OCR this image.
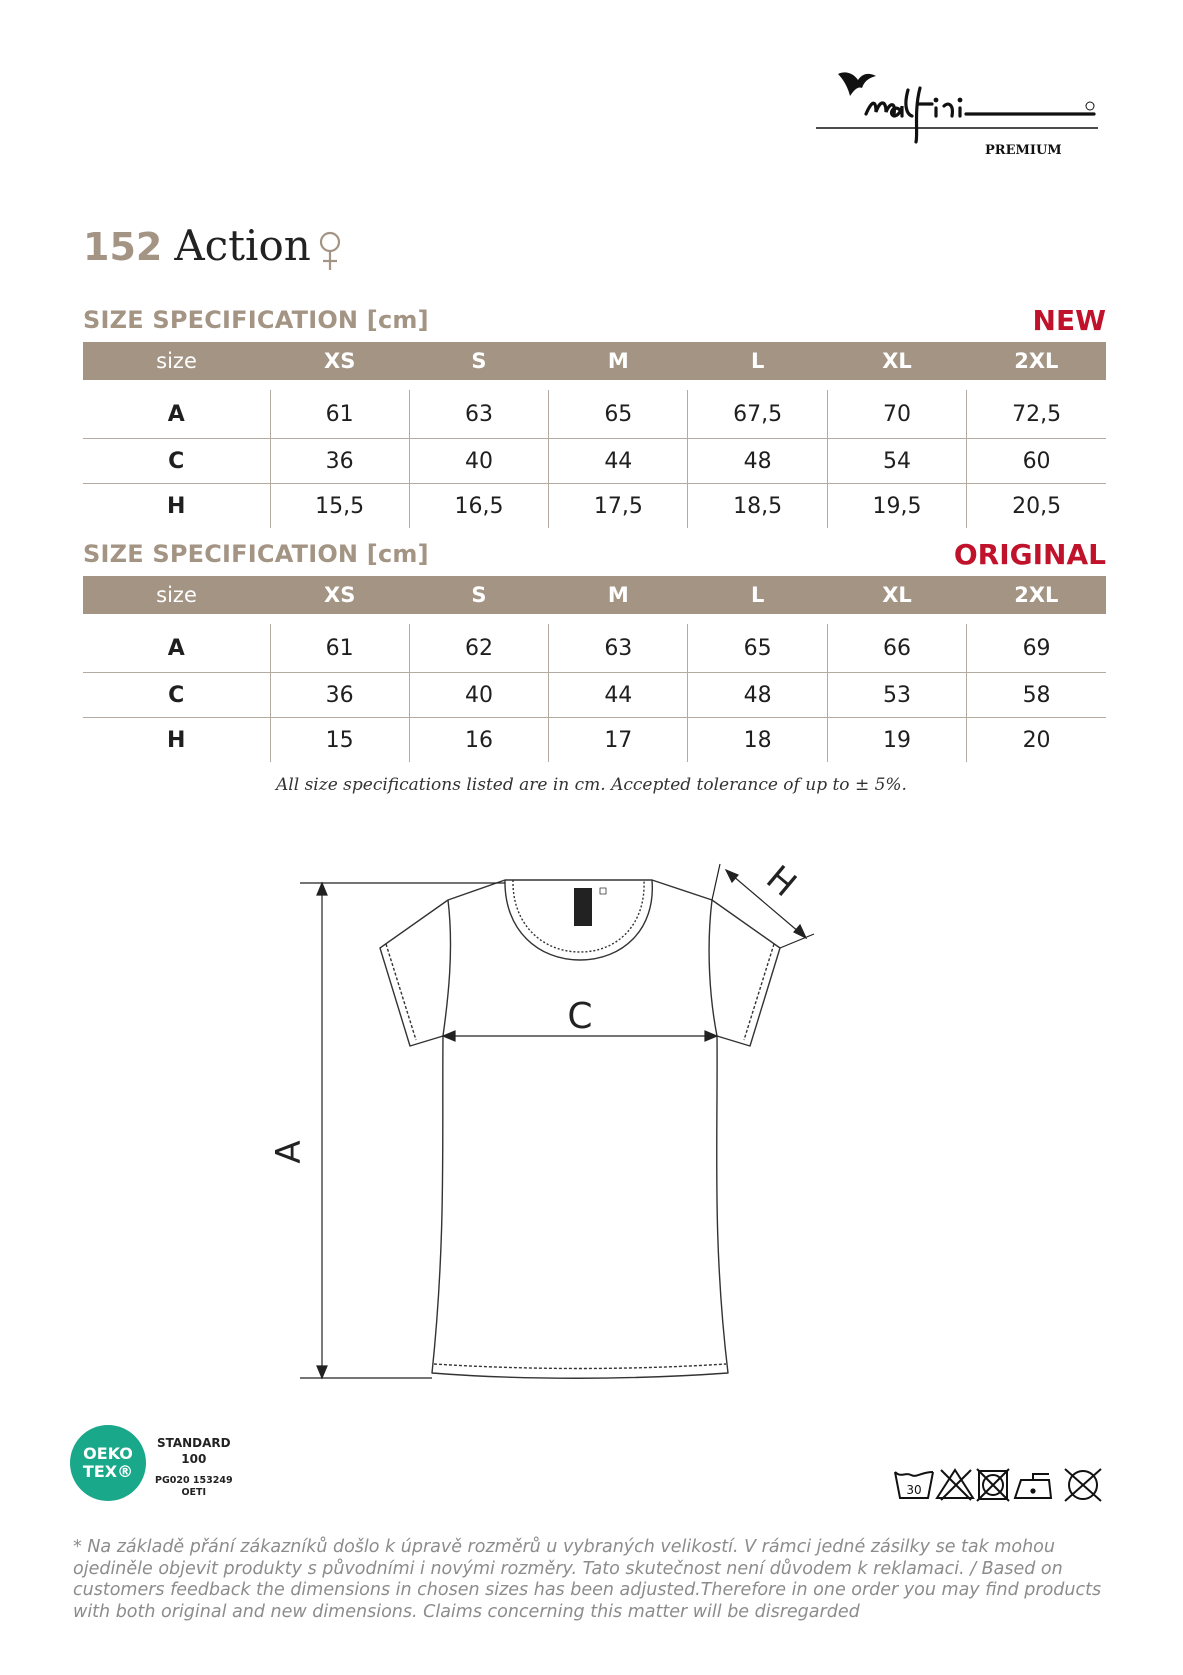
PREMIUM
152 Action
SIZE SPECIFICATION [cm]	NEW
size	XS	S	M	L	XL	2XL

A	61	63	65	67,5	70	72,5
C	36	40	44	48	54	60
H	15,5	16,5	17,5	18,5	19,5	20,5
SIZE SPECIFICATION [cm]	ORIGINAL
size	XS	S	M	L	XL	2XL

A	61	62	63	65	66	69
C	36	40	44	48	53	58
H	15	16	17	18	19	20
All size specifications listed are in cm. Accepted tolerance of up to ± 5%.
A
C
H
OEKO
TEX®
STANDARD
100
PG020 153249
OETI	30
* Na základě přání zákazníků došlo k úpravě rozměrů u vybraných velikostí. V rámci jedné zásilky se tak mohou ojediněle objevit produkty s původními i novými rozměry. Tato skutečnost není důvodem k reklamaci. / Based on customers feedback the dimensions in chosen sizes has been adjusted.Therefore in one order you may find products with both original and new dimensions. Claims concerning this matter will be disregarded
